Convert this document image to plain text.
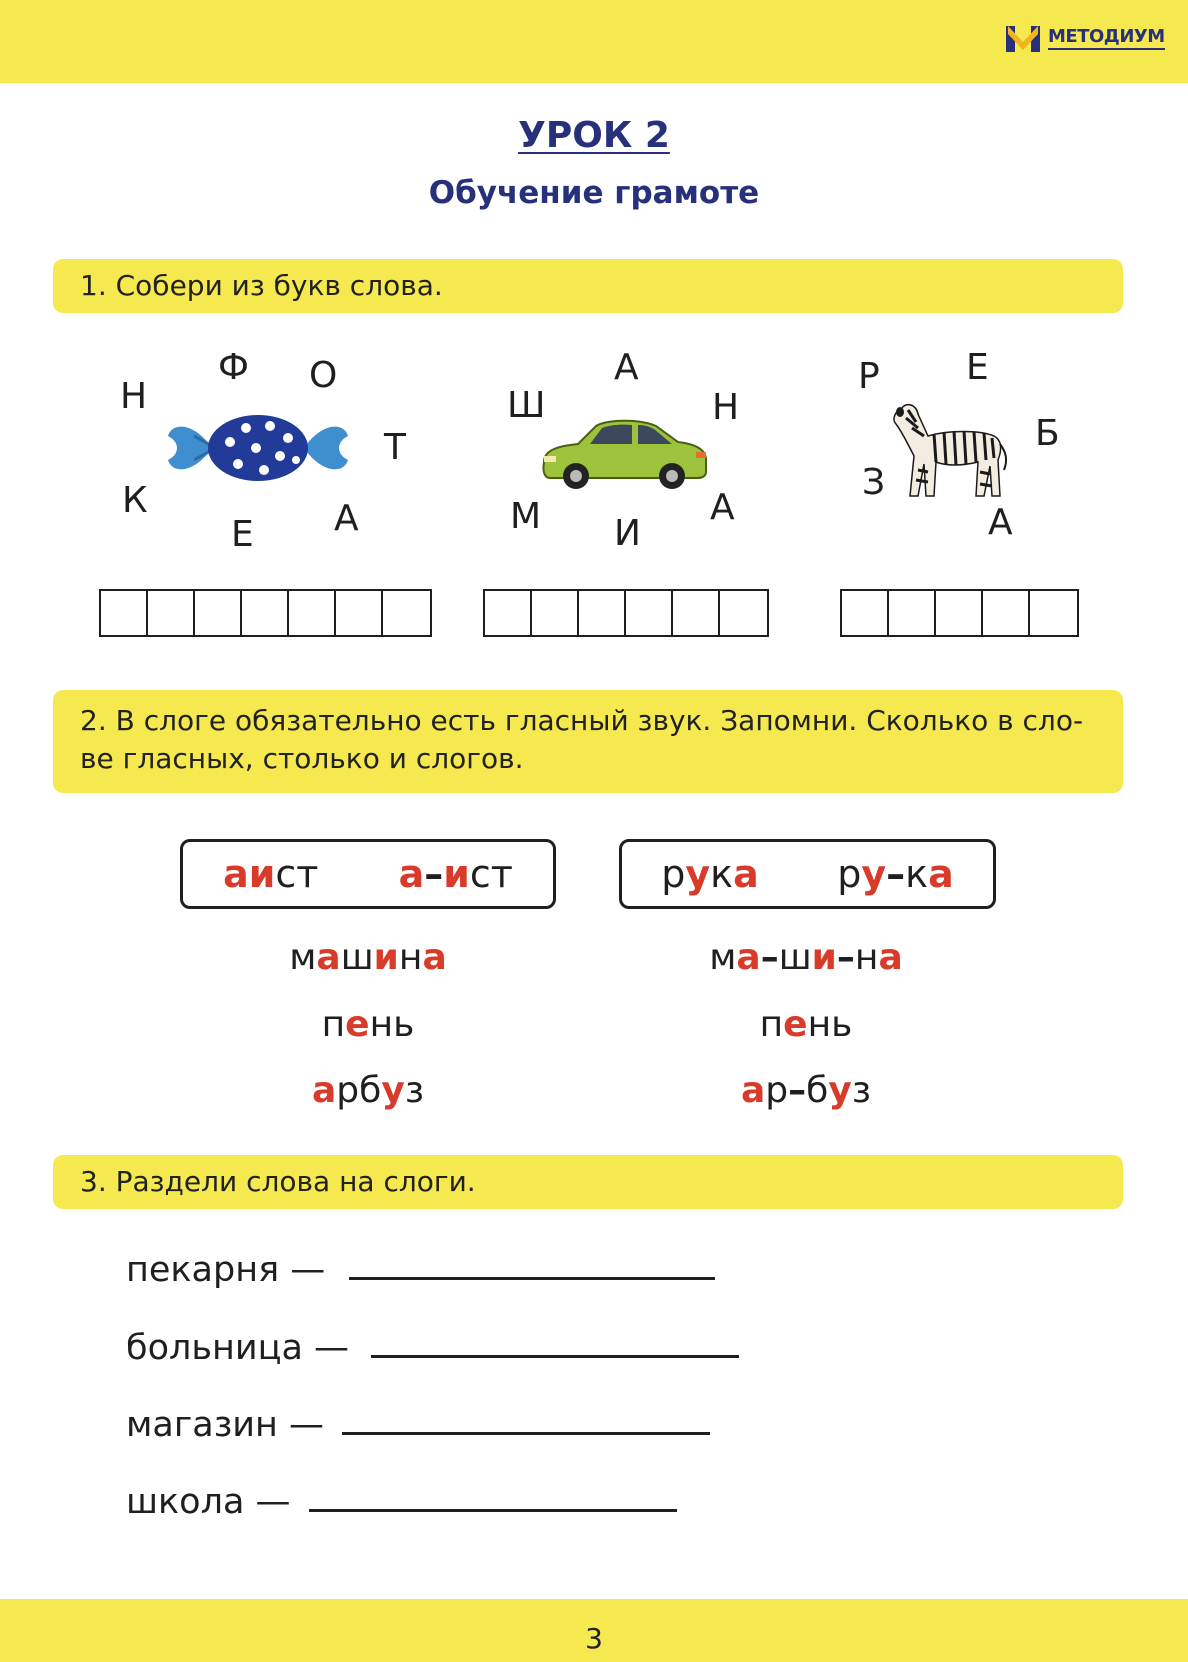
МЕТОДИУМ
УРОК 2
Обучение грамоте
1. Собери из букв слова.
Н
Ф О
Т
К
Е А
Ш
А
Н
М И
А
Р Е
Б
З
А
2. В слоге обязательно есть гласный звук. Запомни. Сколько в сло-
ве гласных, столько и слогов.
аист а–ист	рука ру–ка
машина	ма–ши–на
пень	пень
арбуз	ар–буз
3. Раздели слова на слоги.
пекарня —
больница —
магазин —
школа —
3
